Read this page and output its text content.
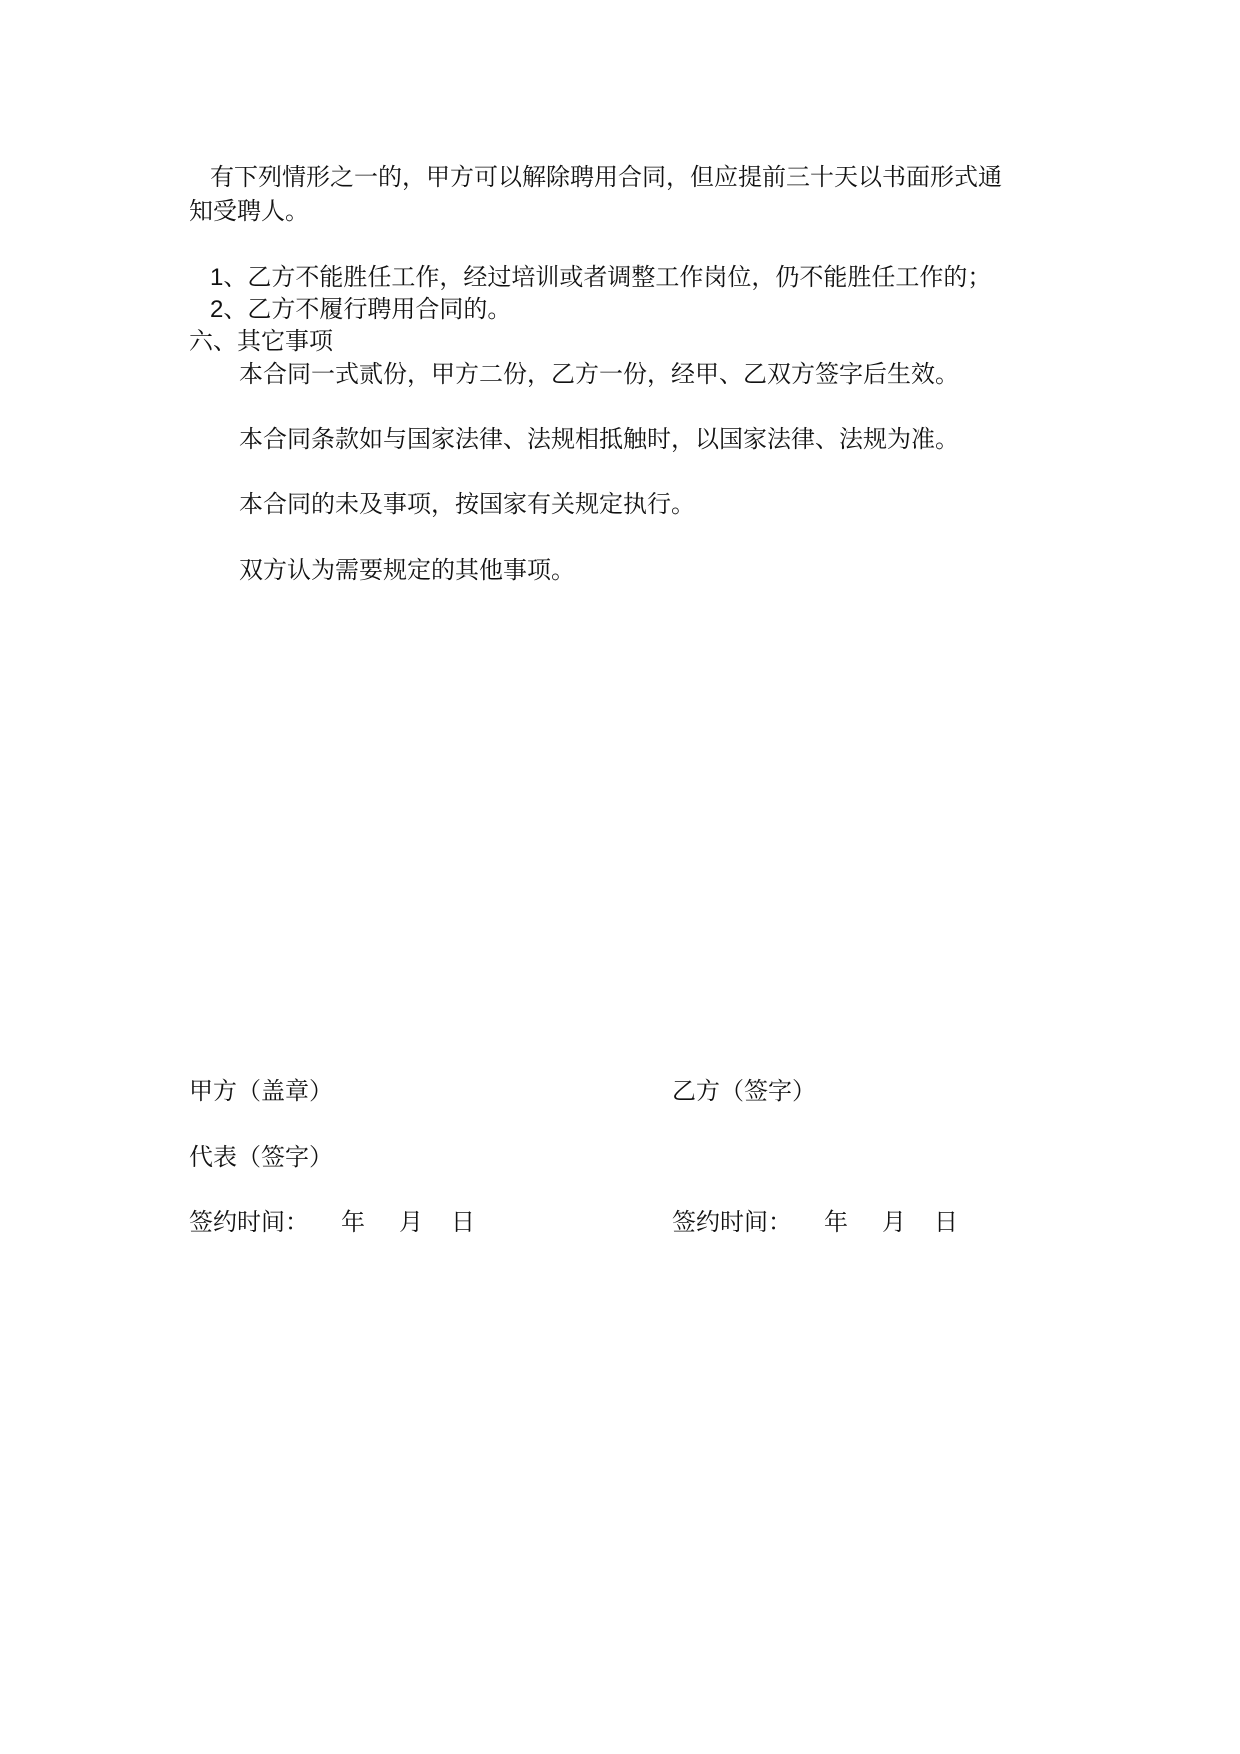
有下列情形之一的，甲方可以解除聘用合同，但应提前三十天以书面形式通

知受聘人。

1、乙方不能胜任工作，经过培训或者调整工作岗位，仍不能胜任工作的；

2、乙方不履行聘用合同的。

六、其它事项

本合同一式贰份，甲方二份，乙方一份，经甲、乙双方签字后生效。

本合同条款如与国家法律、法规相抵触时，以国家法律、法规为准。

本合同的未及事项，按国家有关规定执行。

双方认为需要规定的其他事项。

甲方（盖章）	乙方（签字）

代表（签字）

签约时间： 年 月 日	签约时间： 年 月 日
